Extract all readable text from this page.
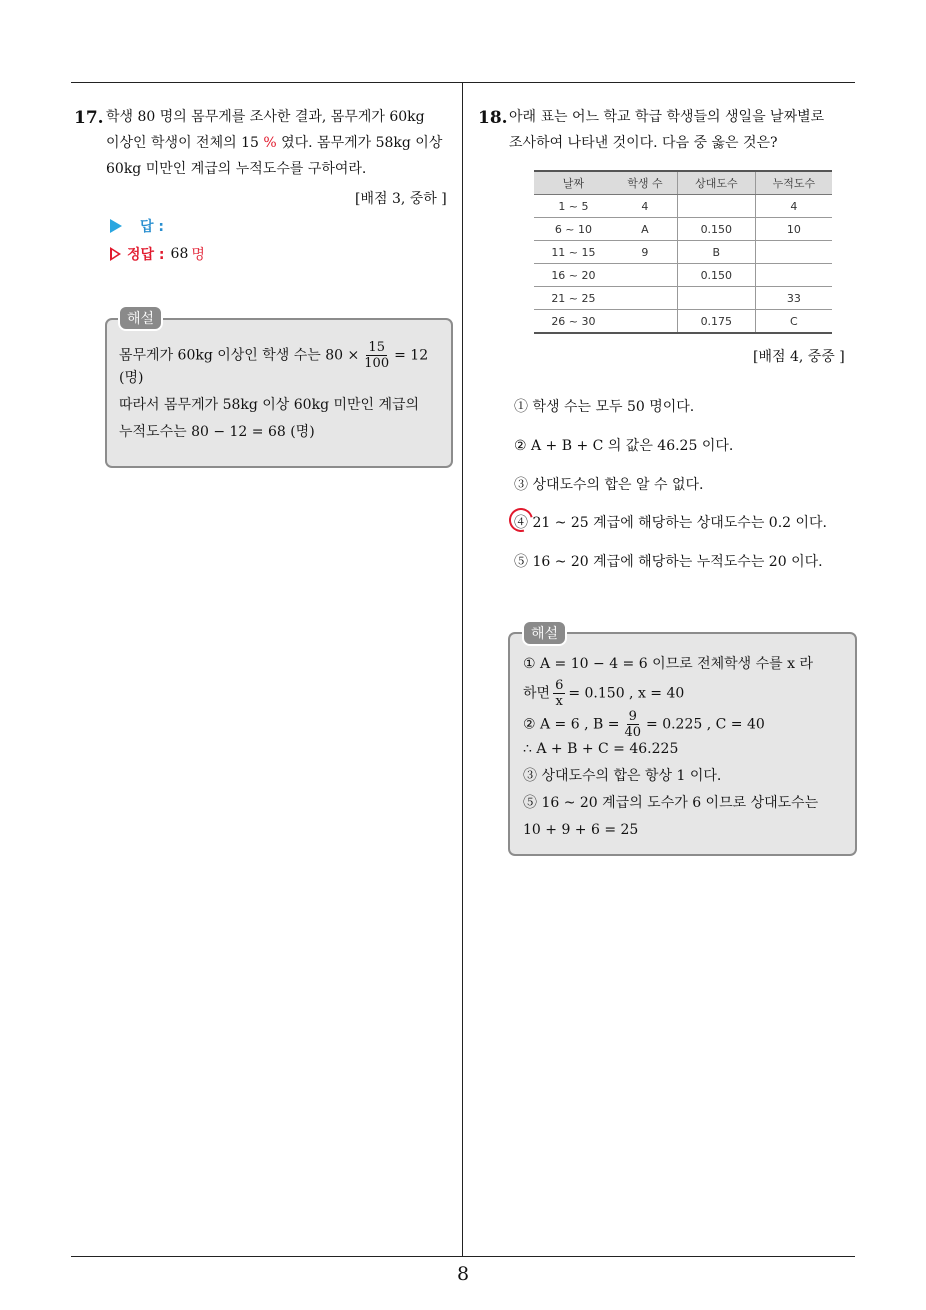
17. 학생 80 명의 몸무게를 조사한 결과, 몸무게가 60kg
이상인 학생이 전체의 15 % 였다. 몸무게가 58kg 이상
60kg 미만인 계급의 누적도수를 구하여라.
[배점 3, 중하 ]
답 :
정답 : 68 명
몸무게가 60kg 이상인 학생 수는 $80 \times \frac{15}{100} = 12$
(명)
따라서 몸무게가 58kg 이상 60kg 미만인 계급의
누적도수는 80 − 12 = 68 (명)
해설
18. 아래 표는 어느 학교 학급 학생들의 생일을 날짜별로
조사하여 나타낸 것이다. 다음 중 옳은 것은?
날짜	학생 수	상대도수	누적도수
1 ~ 5	4		4
6 ~ 10	A	0.150	10
11 ~ 15	9	B	
16 ~ 20		0.150	
21 ~ 25			33
26 ~ 30		0.175	C
[배점 4, 중중 ]
① 학생 수는 모두 50 명이다.
② A + B + C 의 값은 46.25 이다.
③ 상대도수의 합은 알 수 없다.
④ 21 ~ 25 계급에 해당하는 상대도수는 0.2 이다.
⑤ 16 ~ 20 계급에 해당하는 누적도수는 20 이다.
① A = 10 − 4 = 6 이므로 전체학생 수를 x 라
하면 $\frac{6}{x} = 0.150$ , x = 40
② A = 6 , $B = \frac{9}{40} = 0.225$ , C = 40
∴ A + B + C = 46.225
③ 상대도수의 합은 항상 1 이다.
⑤ 16 ~ 20 계급의 도수가 6 이므로 상대도수는
10 + 9 + 6 = 25
해설
8
